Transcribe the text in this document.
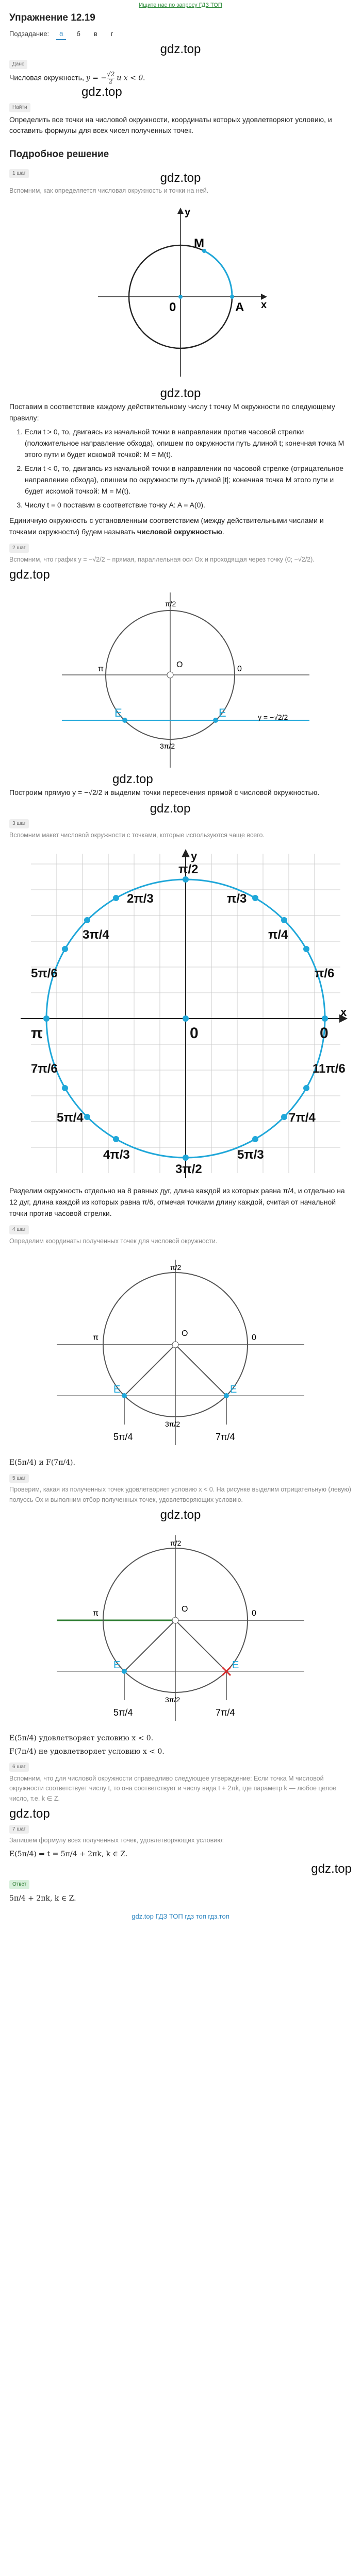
Ищите нас по запросу ГДЗ ТОП
Упражнение 12.19
Подзадание:	а	б	в	г
gdz.top
Дано
Числовая окружность, y = − $\frac{√2}{2}$ и x < 0.
gdz.top
Найти
Определить все точки на числовой окружности, координаты которых удовлетворяют условию, и составить формулы для всех чисел полученных точек.
Подробное решение
1 шаг	gdz.top
Вспомним, как определяется числовая окружность и точки на ней.
x
y
0
M
A
gdz.top
Поставим в соответствие каждому действительному числу t точку M окружности по следующему правилу:
1. Если t > 0, то, двигаясь из начальной точки в направлении против часовой стрелки (положительное направление обхода), опишем по окружности путь длиной t; конечная точка M этого пути и будет искомой точкой: M = M(t).
2. Если t < 0, то, двигаясь из начальной точки в направлении по часовой стрелке (отрицательное направление обхода), опишем по окружности путь длиной |t|; конечная точка M этого пути и будет искомой точкой: M = M(t).
3. Числу t = 0 поставим в соответствие точку A: A = A(0).
Единичную окружность с установленным соответствием (между действительными числами и точками окружности) будем называть числовой окружностью.
2 шаг
Вспомним, что график y = −√2/2 – прямая, параллельная оси Ox и проходящая через точку (0; −√2/2).
gdz.top
O	0
π
π/2
3π/2
E	E	y = −√2/2
gdz.top
Построим прямую y = −√2/2 и выделим точки пересечения прямой с числовой окружностью.
gdz.top
3 шаг
Вспомним макет числовой окружности с точками, которые используются чаще всего.
x
y
0
π	0
π/2
2π/3	π/3
3π/4	π/4
5π/6	π/6
7π/6	11π/6
5π/4	7π/4
4π/3	5π/3
3π/2
Разделим окружность отдельно на 8 равных дуг, длина каждой из которых равна π/4, и отдельно на 12 дуг, длина каждой из которых равна π/6, отмечая точками длину каждой, считая от начальной точки против часовой стрелки.
4 шаг
Определим координаты полученных точек для числовой окружности.
O	0
π
π/2
3π/2
E	E
5π/4	7π/4
E(5π/4) и F(7π/4).
5 шаг
Проверим, какая из полученных точек удовлетворяет условию x < 0. На рисунке выделим отрицательную (левую) полуось Ox и выполним отбор полученных точек, удовлетворяющих условию.
gdz.top
O	0
π
π/2
3π/2
E	E
5π/4	7π/4
E(5π/4) удовлетворяет условию x < 0.
F(7π/4) не удовлетворяет условию x < 0.
6 шаг
Вспомним, что для числовой окружности справедливо следующее утверждение: Если точка M числовой окружности соответствует числу t, то она соответствует и числу вида t + 2πk, где параметр k — любое целое число, т.е. k ∈ Z.
gdz.top
7 шаг
Запишем формулу всех полученных точек, удовлетворяющих условию:
E(5π/4) ⇒ t = 5π/4 + 2πk, k ∈ Z.
gdz.top
Ответ
5π/4 + 2πk, k ∈ Z.
gdz.top ГДЗ ТОП гдз топ гдз.топ
